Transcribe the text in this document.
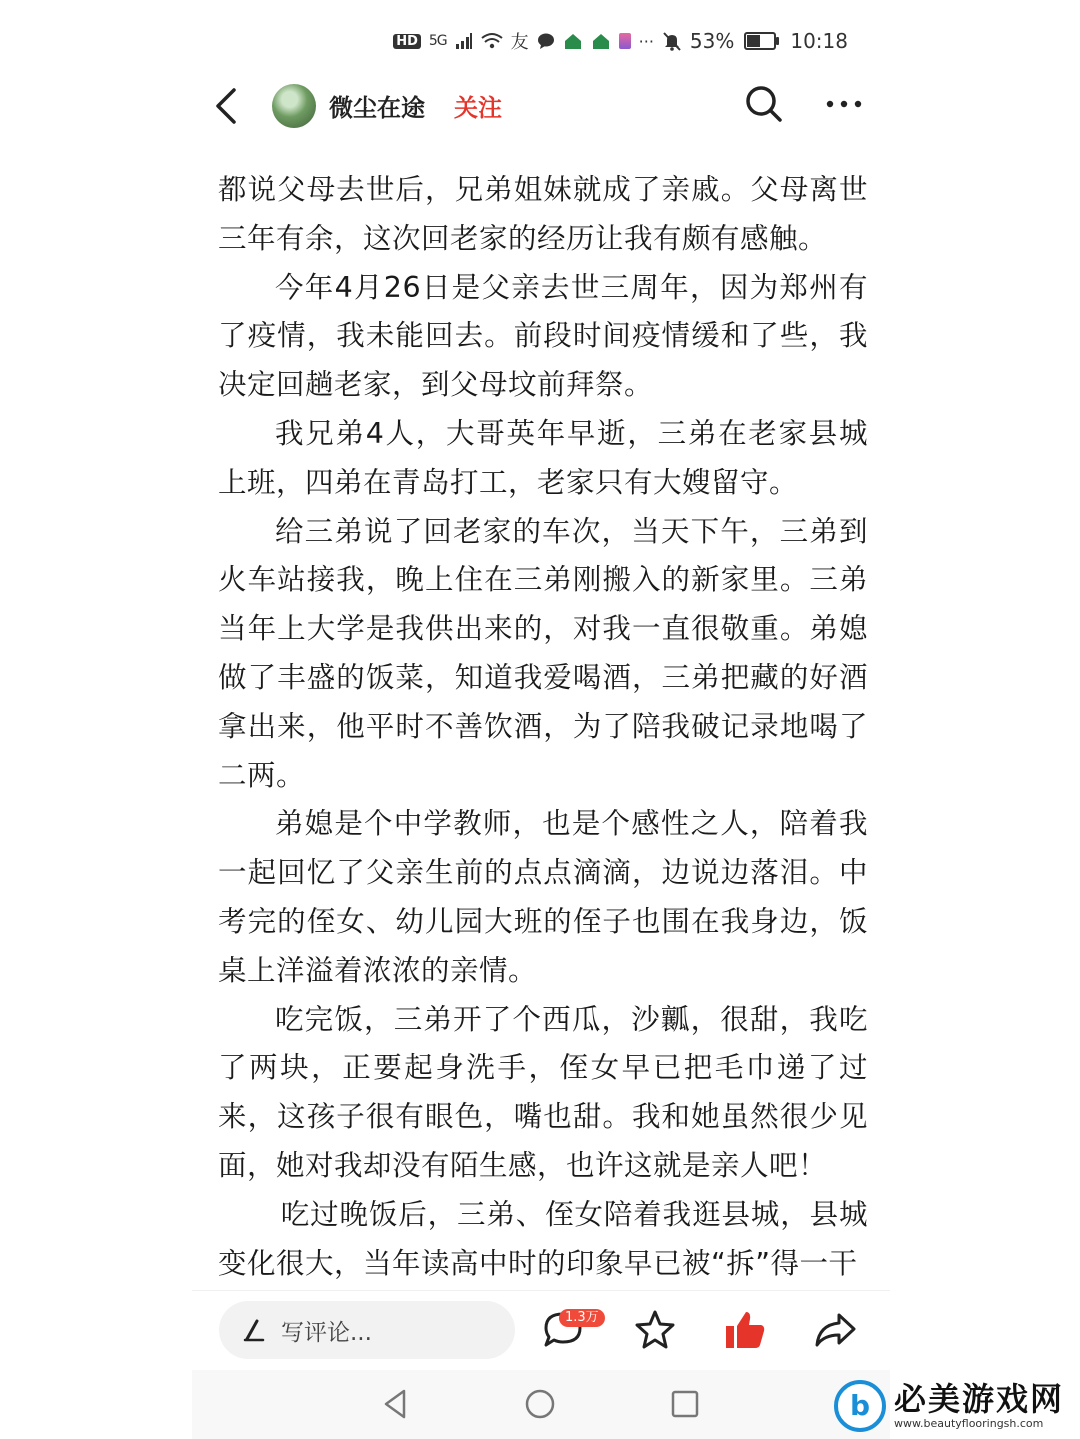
HD 5G	友	··· 53%	10:18
微尘在途 关注

都说父母去世后，兄弟姐妹就成了亲戚。父母离世三年有余，这次回老家的经历让我有颇有感触。

今年4月26日是父亲去世三周年，因为郑州有了疫情，我未能回去。前段时间疫情缓和了些，我决定回趟老家，到父母坟前拜祭。

我兄弟4人，大哥英年早逝，三弟在老家县城上班，四弟在青岛打工，老家只有大嫂留守。

给三弟说了回老家的车次，当天下午，三弟到火车站接我，晚上住在三弟刚搬入的新家里。三弟当年上大学是我供出来的，对我一直很敬重。弟媳做了丰盛的饭菜，知道我爱喝酒，三弟把藏的好酒拿出来，他平时不善饮酒，为了陪我破记录地喝了二两。

弟媳是个中学教师，也是个感性之人，陪着我一起回忆了父亲生前的点点滴滴，边说边落泪。中考完的侄女、幼儿园大班的侄子也围在我身边，饭桌上洋溢着浓浓的亲情。

吃完饭，三弟开了个西瓜，沙瓤，很甜，我吃了两块，正要起身洗手，侄女早已把毛巾递了过来，这孩子很有眼色，嘴也甜。我和她虽然很少见面，她对我却没有陌生感，也许这就是亲人吧！

吃过晚饭后，三弟、侄女陪着我逛县城，县城变化很大，当年读高中时的印象早已被“拆”得一干

写评论...
1.3万
b 必美游戏网
www.beautyflooringsh.com
